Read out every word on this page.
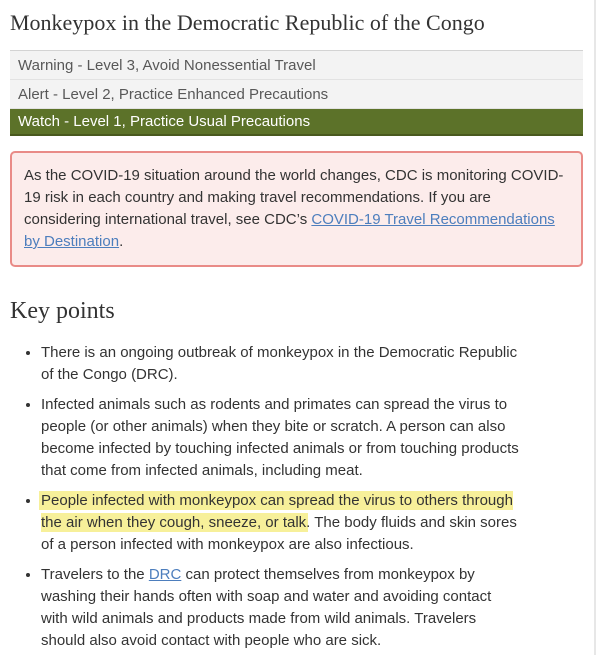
Monkeypox in the Democratic Republic of the Congo
Warning - Level 3, Avoid Nonessential Travel
Alert - Level 2, Practice Enhanced Precautions
Watch - Level 1, Practice Usual Precautions

As the COVID-19 situation around the world changes, CDC is monitoring COVID-19 risk in each country and making travel recommendations. If you are considering international travel, see CDC’s COVID-19 Travel Recommendations by Destination.

Key points
• There is an ongoing outbreak of monkeypox in the Democratic Republic of the Congo (DRC).
• Infected animals such as rodents and primates can spread the virus to people (or other animals) when they bite or scratch. A person can also become infected by touching infected animals or from touching products that come from infected animals, including meat.
• People infected with monkeypox can spread the virus to others through the air when they cough, sneeze, or talk. The body fluids and skin sores of a person infected with monkeypox are also infectious.
• Travelers to the DRC can protect themselves from monkeypox by washing their hands often with soap and water and avoiding contact with wild animals and products made from wild animals. Travelers should also avoid contact with people who are sick.
